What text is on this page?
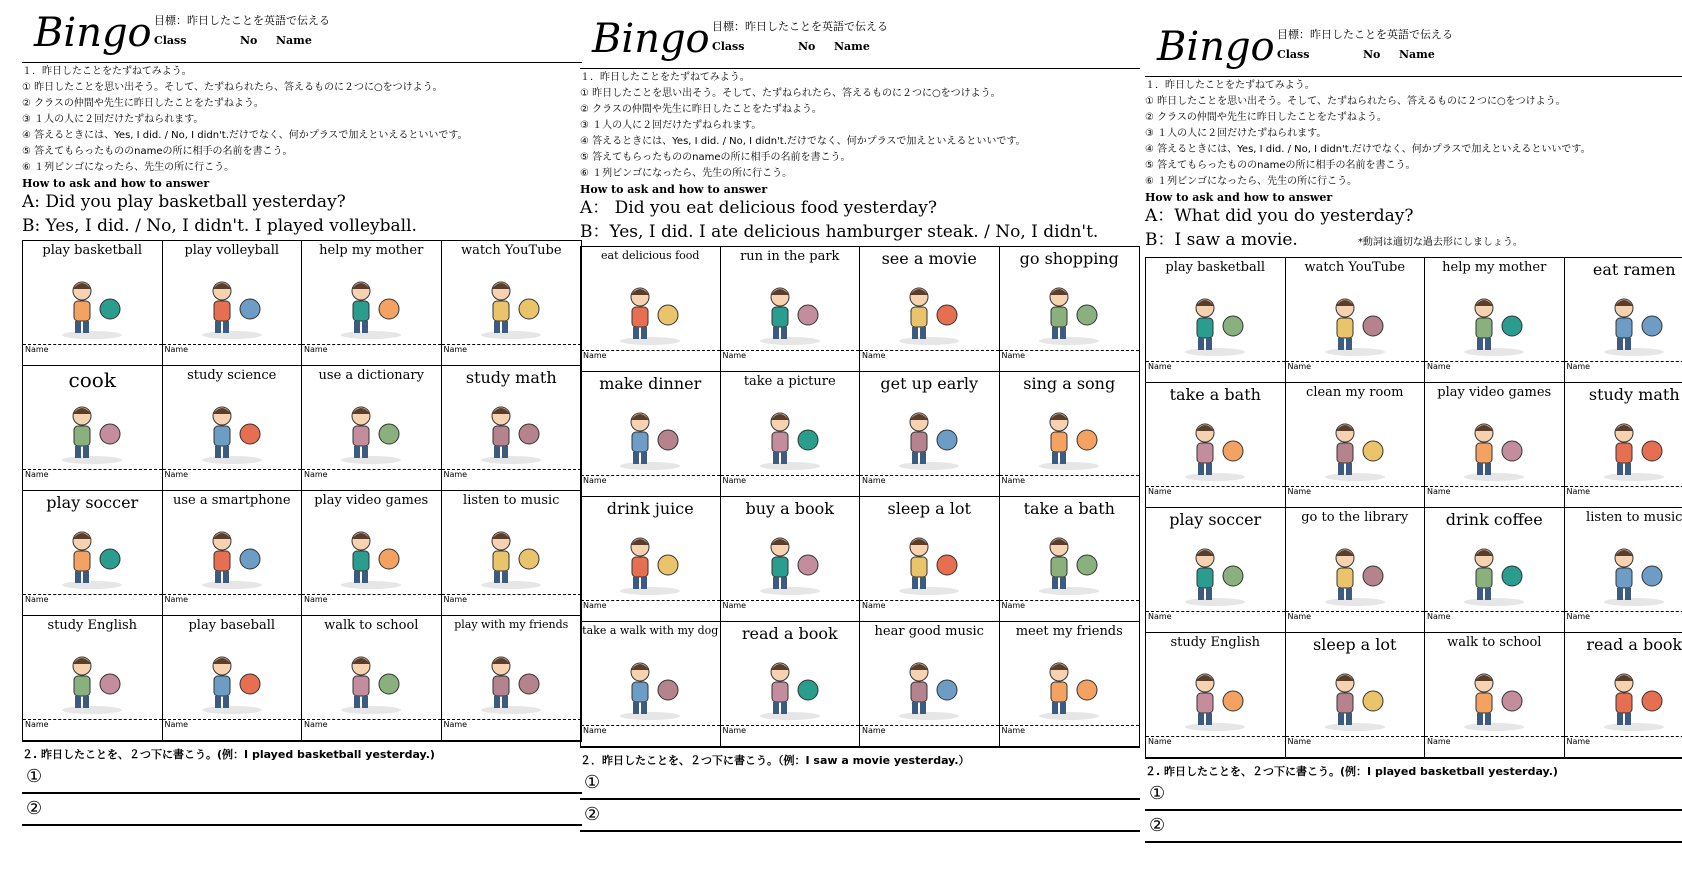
Bingo 目標：昨日したことを英語で伝える
Class	No Name
１．昨日したことをたずねてみよう。
① 昨日したことを思い出そう。そして、たずねられたら、答えるものに２つに○をつけよう。
② クラスの仲間や先生に昨日したことをたずねよう。
③ １人の人に２回だけたずねられます。
④ 答えるときには、Yes, I did. / No, I didn't.だけでなく、何かプラスで加えといえるといいです。
⑤ 答えてもらったもののnameの所に相手の名前を書こう。
⑥ １列ビンゴになったら、先生の所に行こう。
How to ask and how to answer
A: Did you play basketball yesterday?
B: Yes, I did. / No, I didn't. I played volleyball.
play basketball
Name
play volleyball
Name
help my mother
Name
watch YouTube
Name
cook
Name
study science
Name
use a dictionary
Name
study math
Name
play soccer
Name
use a smartphone
Name
play video games
Name
listen to music
Name
study English
Name
play baseball
Name
walk to school
Name
play with my friends
Name
２. 昨日したことを、２つ下に書こう。(例：I played basketball yesterday.)
①
②
Bingo 目標：昨日したことを英語で伝える
Class	No Name
１．昨日したことをたずねてみよう。
① 昨日したことを思い出そう。そして、たずねられたら、答えるものに２つに○をつけよう。
② クラスの仲間や先生に昨日したことをたずねよう。
③ １人の人に２回だけたずねられます。
④ 答えるときには、Yes, I did. / No, I didn't.だけでなく、何かプラスで加えといえるといいです。
⑤ 答えてもらったもののnameの所に相手の名前を書こう。
⑥ １列ビンゴになったら、先生の所に行こう。
How to ask and how to answer
A： Did you eat delicious food yesterday?
B：Yes, I did. I ate delicious hamburger steak. / No, I didn't.
eat delicious food
Name
run in the park
Name
see a movie
Name
go shopping
Name
make dinner
Name
take a picture
Name
get up early
Name
sing a song
Name
drink juice
Name
buy a book
Name
sleep a lot
Name
take a bath
Name
take a walk with my dog
Name
read a book
Name
hear good music
Name
meet my friends
Name
２．昨日したことを、２つ下に書こう。（例：I saw a movie yesterday.）
①
②
Bingo 目標：昨日したことを英語で伝える
Class	No Name
１．昨日したことをたずねてみよう。
① 昨日したことを思い出そう。そして、たずねられたら、答えるものに２つに○をつけよう。
② クラスの仲間や先生に昨日したことをたずねよう。
③ １人の人に２回だけたずねられます。
④ 答えるときには、Yes, I did. / No, I didn't.だけでなく、何かプラスで加えといえるといいです。
⑤ 答えてもらったもののnameの所に相手の名前を書こう。
⑥ １列ビンゴになったら、先生の所に行こう。
How to ask and how to answer
A：What did you do yesterday?
B：I saw a movie.	*動詞は適切な過去形にしましょう。
play basketball
Name
watch YouTube
Name
help my mother
Name
eat ramen
Name
take a bath
Name
clean my room
Name
play video games
Name
study math
Name
play soccer
Name
go to the library
Name
drink coffee
Name
listen to music
Name
study English
Name
sleep a lot
Name
walk to school
Name
read a book
Name
２. 昨日したことを、２つ下に書こう。(例：I played basketball yesterday.)
①
②
